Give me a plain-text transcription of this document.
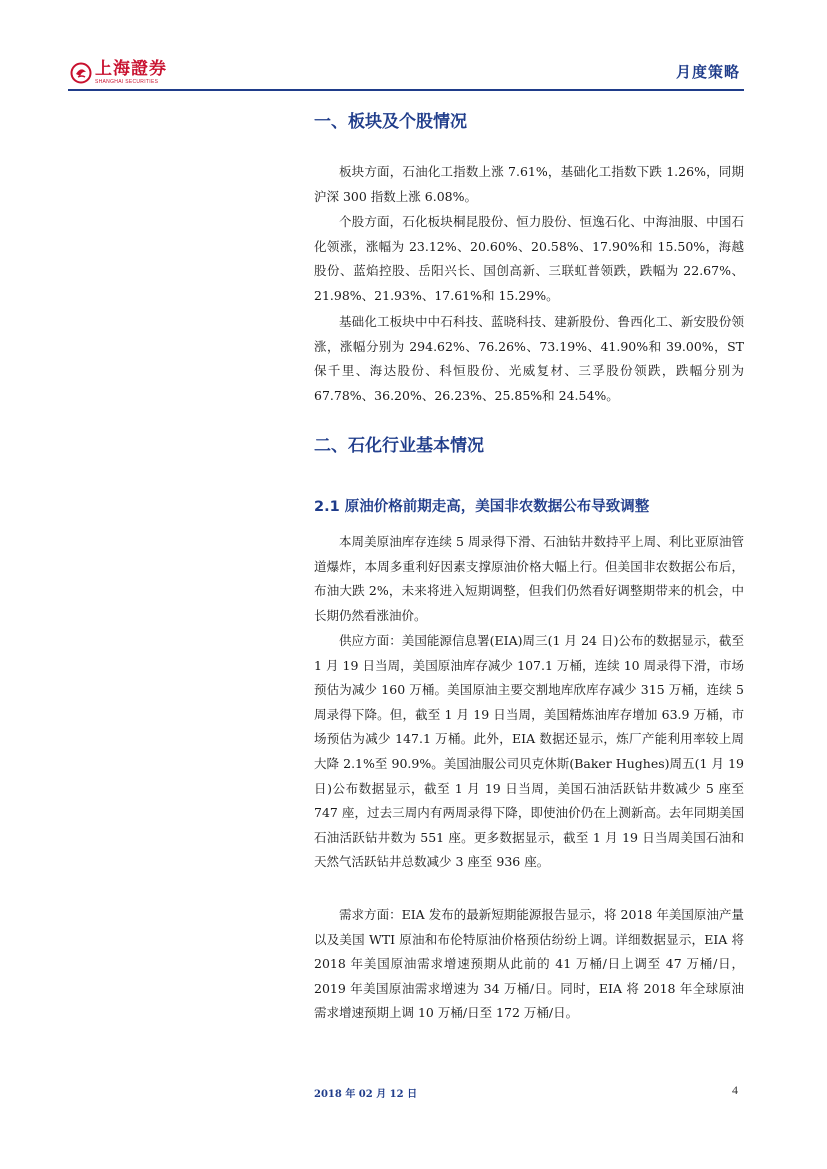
上海證券
SHANGHAI SECURITIES
月度策略
一、板块及个股情况

板块方面，石油化工指数上涨 7.61%，基础化工指数下跌 1.26%，同期沪深 300 指数上涨 6.08%。

个股方面，石化板块桐昆股份、恒力股份、恒逸石化、中海油服、中国石化领涨，涨幅为 23.12%、20.60%、20.58%、17.90%和 15.50%，海越股份、蓝焰控股、岳阳兴长、国创高新、三联虹普领跌，跌幅为 22.67%、21.98%、21.93%、17.61%和 15.29%。

基础化工板块中中石科技、蓝晓科技、建新股份、鲁西化工、新安股份领涨，涨幅分别为 294.62%、76.26%、73.19%、41.90%和 39.00%，ST 保千里、海达股份、科恒股份、光威复材、三孚股份领跌，跌幅分别为 67.78%、36.20%、26.23%、25.85%和 24.54%。

二、石化行业基本情况
2.1 原油价格前期走高，美国非农数据公布导致调整

本周美原油库存连续 5 周录得下滑、石油钻井数持平上周、利比亚原油管道爆炸，本周多重利好因素支撑原油价格大幅上行。但美国非农数据公布后，布油大跌 2%，未来将进入短期调整，但我们仍然看好调整期带来的机会，中长期仍然看涨油价。

供应方面：美国能源信息署(EIA)周三(1 月 24 日)公布的数据显示，截至 1 月 19 日当周，美国原油库存减少 107.1 万桶，连续 10 周录得下滑，市场预估为减少 160 万桶。美国原油主要交割地库欣库存减少 315 万桶，连续 5 周录得下降。但，截至 1 月 19 日当周，美国精炼油库存增加 63.9 万桶，市场预估为减少 147.1 万桶。此外，EIA 数据还显示，炼厂产能利用率较上周大降 2.1%至 90.9%。美国油服公司贝克休斯(Baker Hughes)周五(1 月 19 日)公布数据显示，截至 1 月 19 日当周，美国石油活跃钻井数减少 5 座至 747 座，过去三周内有两周录得下降，即使油价仍在上测新高。去年同期美国石油活跃钻井数为 551 座。更多数据显示，截至 1 月 19 日当周美国石油和天然气活跃钻井总数减少 3 座至 936 座。

需求方面：EIA 发布的最新短期能源报告显示，将 2018 年美国原油产量以及美国 WTI 原油和布伦特原油价格预估纷纷上调。详细数据显示，EIA 将 2018 年美国原油需求增速预期从此前的 41 万桶/日上调至 47 万桶/日，2019 年美国原油需求增速为 34 万桶/日。同时，EIA 将 2018 年全球原油需求增速预期上调 10 万桶/日至 172 万桶/日。

2018 年 02 月 12 日	4
